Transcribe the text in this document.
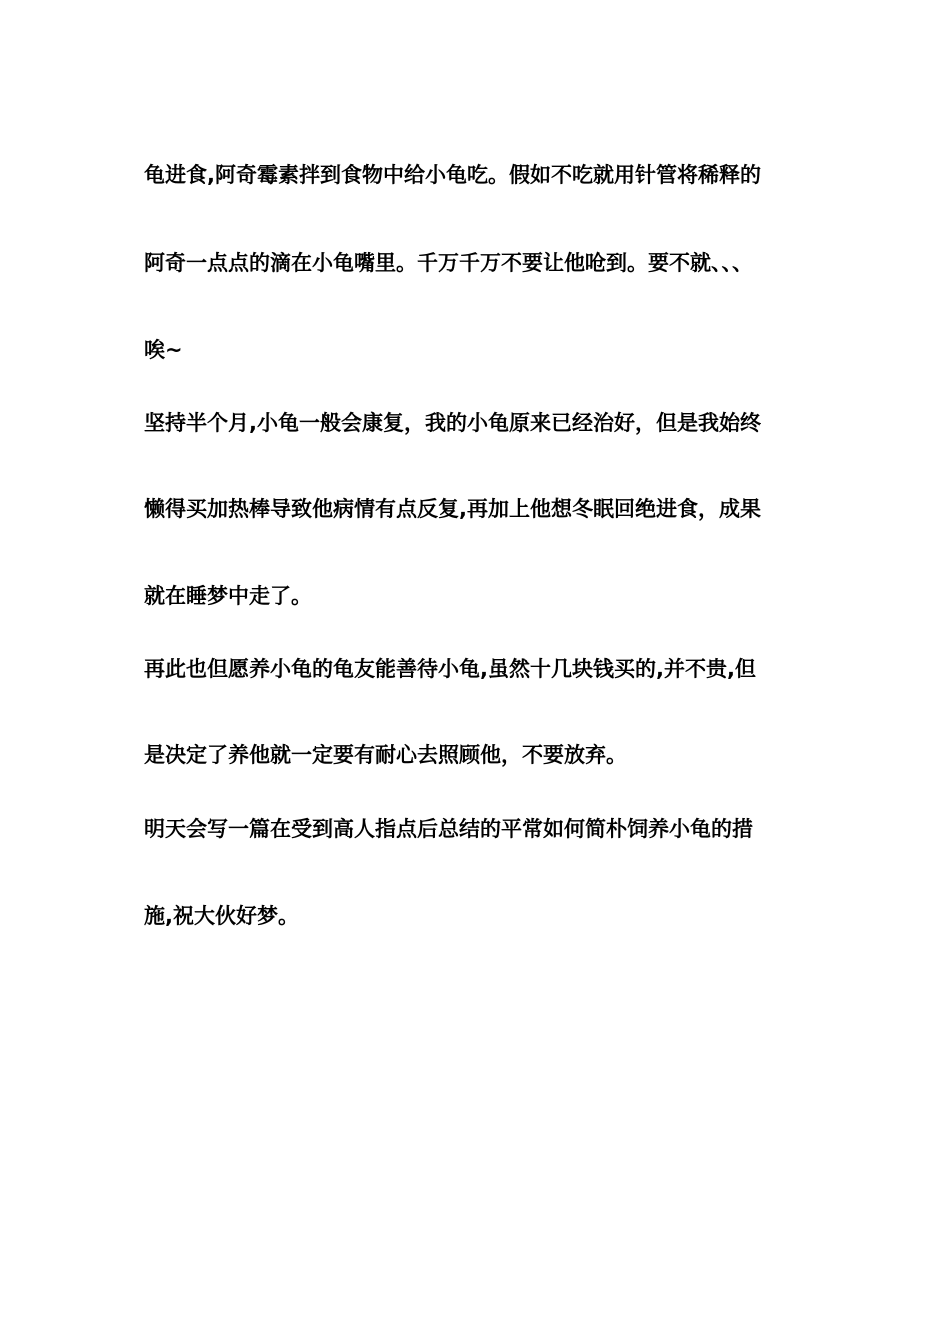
龟进食,阿奇霉素拌到食物中给小龟吃。假如不吃就用针管将稀释的

阿奇一点点的滴在小龟嘴里。千万千万不要让他呛到。要不就、、、

唉~

坚持半个月,小龟一般会康复，我的小龟原来已经治好，但是我始终

懒得买加热棒导致他病情有点反复,再加上他想冬眠回绝进食，成果

就在睡梦中走了。

再此也但愿养小龟的龟友能善待小龟,虽然十几块钱买的,并不贵,但

是决定了养他就一定要有耐心去照顾他，不要放弃。

明天会写一篇在受到高人指点后总结的平常如何简朴饲养小龟的措

施,祝大伙好梦。
